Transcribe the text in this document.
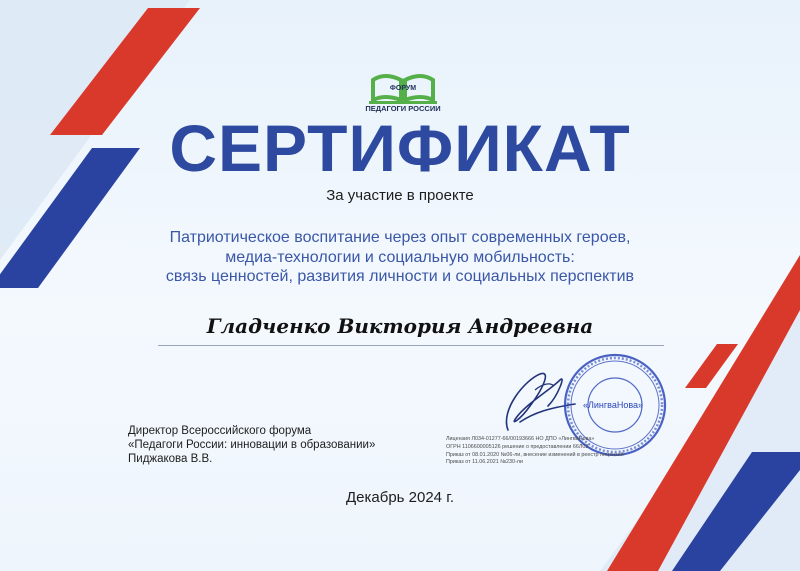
ФОРУМ
ПЕДАГОГИ РОССИИ
СЕРТИФИКАТ
За участие в проекте
Патриотическое воспитание через опыт современных героев,
медиа-технологии и социальную мобильность:
связь ценностей, развития личности и социальных перспектив
Гладченко Виктория Андреевна
Директор Всероссийского форума
«Педагоги России: инновации в образовании»
Пиджакова В.В.
«ЛингваНова»
Лицензия Л034-01277-66/00193666 НО ДПО «ЛингваНова»
ОГРН 1106600005126 решение о предоставлении 66Л02
Приказ от 08.01.2020 №06-ли, внесение изменений в реестр лицензий
Приказ от 11.06.2021 №230-ли
Декабрь 2024 г.
